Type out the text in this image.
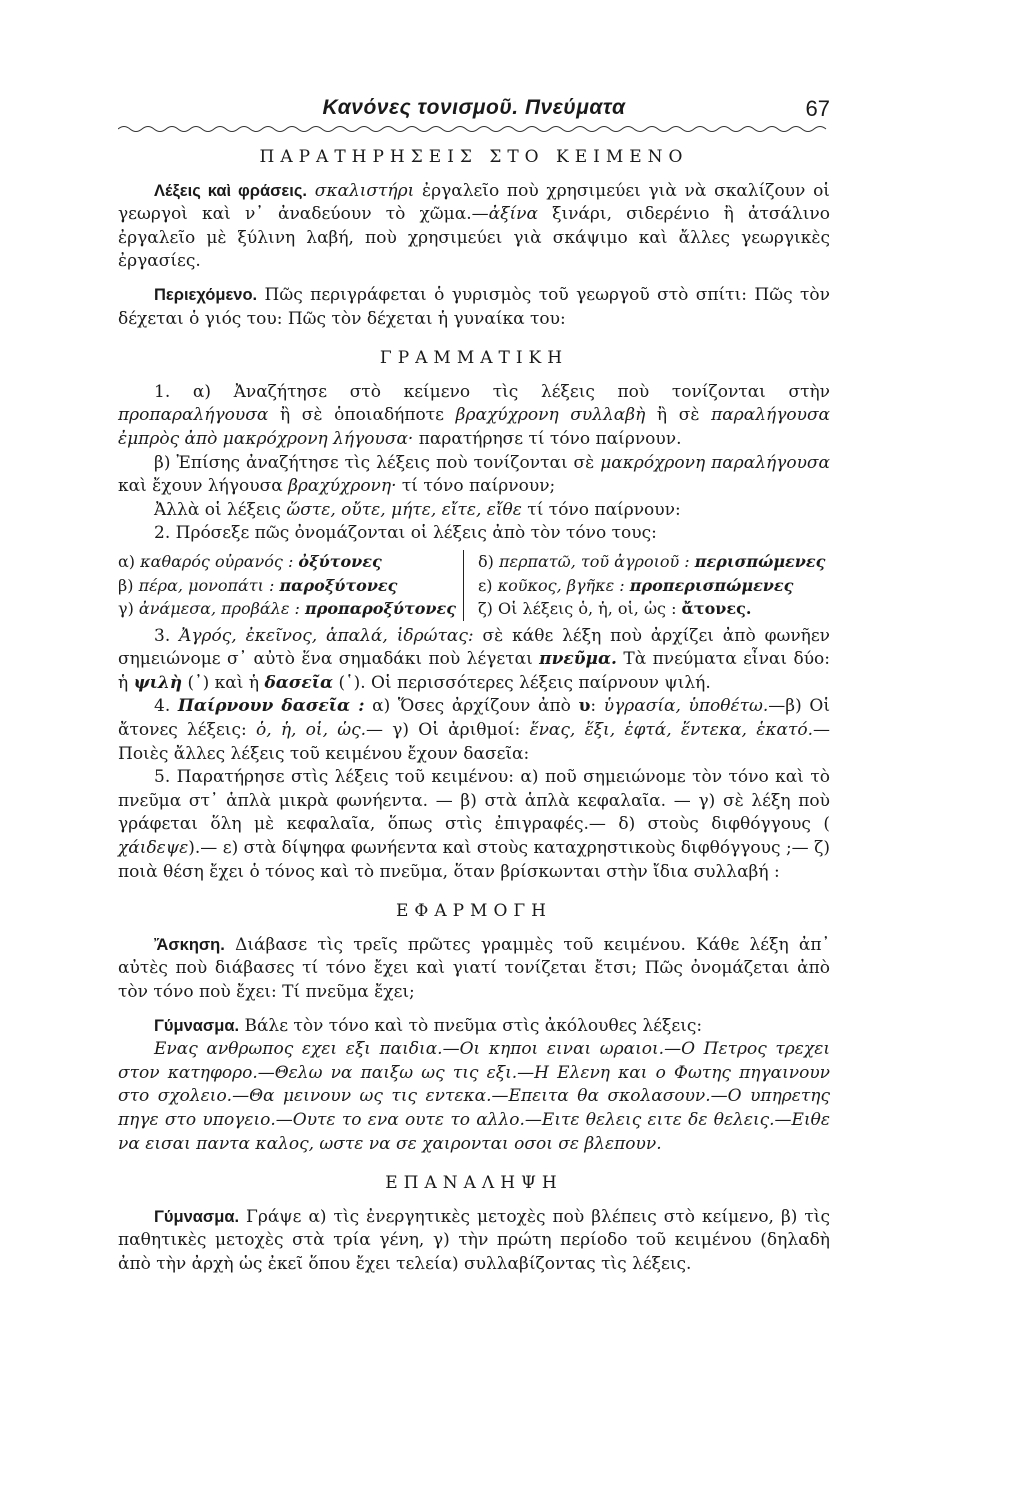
Κανόνες τονισμοῦ. Πνεύματα	67
ΠΑΡΑΤΗΡΗΣΕΙΣ ΣΤΟ ΚΕΙΜΕΝΟ

Λέξεις καὶ φράσεις. σκαλιστήρι ἐργαλεῖο ποὺ χρησιμεύει γιὰ νὰ σκαλίζουν οἱ γεωργοὶ καὶ ν᾿ ἀναδεύουν τὸ χῶμα.—ἀξίνα ξινάρι, σιδερένιο ἢ ἀτσάλινο ἐργαλεῖο μὲ ξύλινη λαβή, ποὺ χρησιμεύει γιὰ σκάψιμο καὶ ἄλλες γεωργικὲς ἐργασίες.

Περιεχόμενο. Πῶς περιγράφεται ὁ γυρισμὸς τοῦ γεωργοῦ στὸ σπίτι: Πῶς τὸν δέχεται ὁ γιός του: Πῶς τὸν δέχεται ἡ γυναίκα του:

ΓΡΑΜΜΑΤΙΚΗ

1. α) Ἀναζήτησε στὸ κείμενο τὶς λέξεις ποὺ τονίζονται στὴν προπαραλήγουσα ἢ σὲ ὁποιαδήποτε βραχύχρονη συλλαβὴ ἢ σὲ παραλήγουσα ἐμπρὸς ἀπὸ μακρόχρονη λήγουσα· παρατήρησε τί τόνο παίρνουν.

β) Ἐπίσης ἀναζήτησε τὶς λέξεις ποὺ τονίζονται σὲ μακρόχρονη παραλήγουσα καὶ ἔχουν λήγουσα βραχύχρονη· τί τόνο παίρνουν;

Ἀλλὰ οἱ λέξεις ὥστε, οὔτε, μήτε, εἴτε, εἴθε τί τόνο παίρνουν:

2. Πρόσεξε πῶς ὀνομάζονται οἱ λέξεις ἀπὸ τὸν τόνο τους:

α) καθαρός οὐρανός : ὀξύτονες
β) πέρα, μονοπάτι : παροξύτονες
γ) ἀνάμεσα, προβάλε : προπαροξύτονες
δ) περπατῶ, τοῦ ἀγροιοῦ : περισπώμενες
ε) κοῦκος, βγῆκε : προπερισπώμενες
ζ) Οἱ λέξεις ὁ, ἡ, οἱ, ὡς : ἄτονες.

3. Ἀγρός, ἐκεῖνος, ἁπαλά, ἱδρώτας: σὲ κάθε λέξη ποὺ ἀρχίζει ἀπὸ φωνῆεν σημειώνομε σ᾿ αὐτὸ ἕνα σημαδάκι ποὺ λέγεται πνεῦμα. Τὰ πνεύματα εἶναι δύο: ἡ ψιλὴ (᾿) καὶ ἡ δασεῖα (῾). Οἱ περισσότερες λέξεις παίρνουν ψιλή.

4. Παίρνουν δασεῖα : α) Ὅσες ἀρχίζουν ἀπὸ υ: ὑγρασία, ὑποθέτω.—β) Οἱ ἄτονες λέξεις: ὁ, ἡ, οἱ, ὡς.— γ) Οἱ ἀριθμοί: ἕνας, ἕξι, ἑφτά, ἕντεκα, ἑκατό.— Ποιὲς ἄλλες λέξεις τοῦ κειμένου ἔχουν δασεῖα:

5. Παρατήρησε στὶς λέξεις τοῦ κειμένου: α) ποῦ σημειώνομε τὸν τόνο καὶ τὸ πνεῦμα στ᾿ ἁπλὰ μικρὰ φωνήεντα. — β) στὰ ἁπλὰ κεφαλαῖα. — γ) σὲ λέξη ποὺ γράφεται ὅλη μὲ κεφαλαῖα, ὅπως στὶς ἐπιγραφές.— δ) στοὺς διφθόγγους ( χάιδεψε).— ε) στὰ δίψηφα φωνήεντα καὶ στοὺς καταχρηστικοὺς διφθόγγους ;— ζ) ποιὰ θέση ἔχει ὁ τόνος καὶ τὸ πνεῦμα, ὅταν βρίσκωνται στὴν ἴδια συλλαβή :

ΕΦΑΡΜΟΓΗ

Ἄσκηση. Διάβασε τὶς τρεῖς πρῶτες γραμμὲς τοῦ κειμένου. Κάθε λέξη ἀπ᾿ αὐτὲς ποὺ διάβασες τί τόνο ἔχει καὶ γιατί τονίζεται ἔτσι; Πῶς ὀνομάζεται ἀπὸ τὸν τόνο ποὺ ἔχει: Τί πνεῦμα ἔχει;

Γύμνασμα. Βάλε τὸν τόνο καὶ τὸ πνεῦμα στὶς ἀκόλουθες λέξεις:

Ενας ανθρωπος εχει εξι παιδια.—Οι κηποι ειναι ωραιοι.—Ο Πετρος τρεχει στον κατηφορο.—Θελω να παιξω ως τις εξι.—Η Ελενη και ο Φωτης πηγαινουν στο σχολειο.—Θα μεινουν ως τις εντεκα.—Επειτα θα σκολασουν.—Ο υπηρετης πηγε στο υπογειο.—Ουτε το ενα ουτε το αλλο.—Ειτε θελεις ειτε δε θελεις.—Ειθε να εισαι παντα καλος, ωστε να σε χαιρονται οσοι σε βλεπουν.

ΕΠΑΝΑΛΗΨΗ

Γύμνασμα. Γράψε α) τὶς ἐνεργητικὲς μετοχὲς ποὺ βλέπεις στὸ κείμενο, β) τὶς παθητικὲς μετοχὲς στὰ τρία γένη, γ) τὴν πρώτη περίοδο τοῦ κειμένου (δηλαδὴ ἀπὸ τὴν ἀρχὴ ὡς ἐκεῖ ὅπου ἔχει τελεία) συλλαβίζοντας τὶς λέξεις.
